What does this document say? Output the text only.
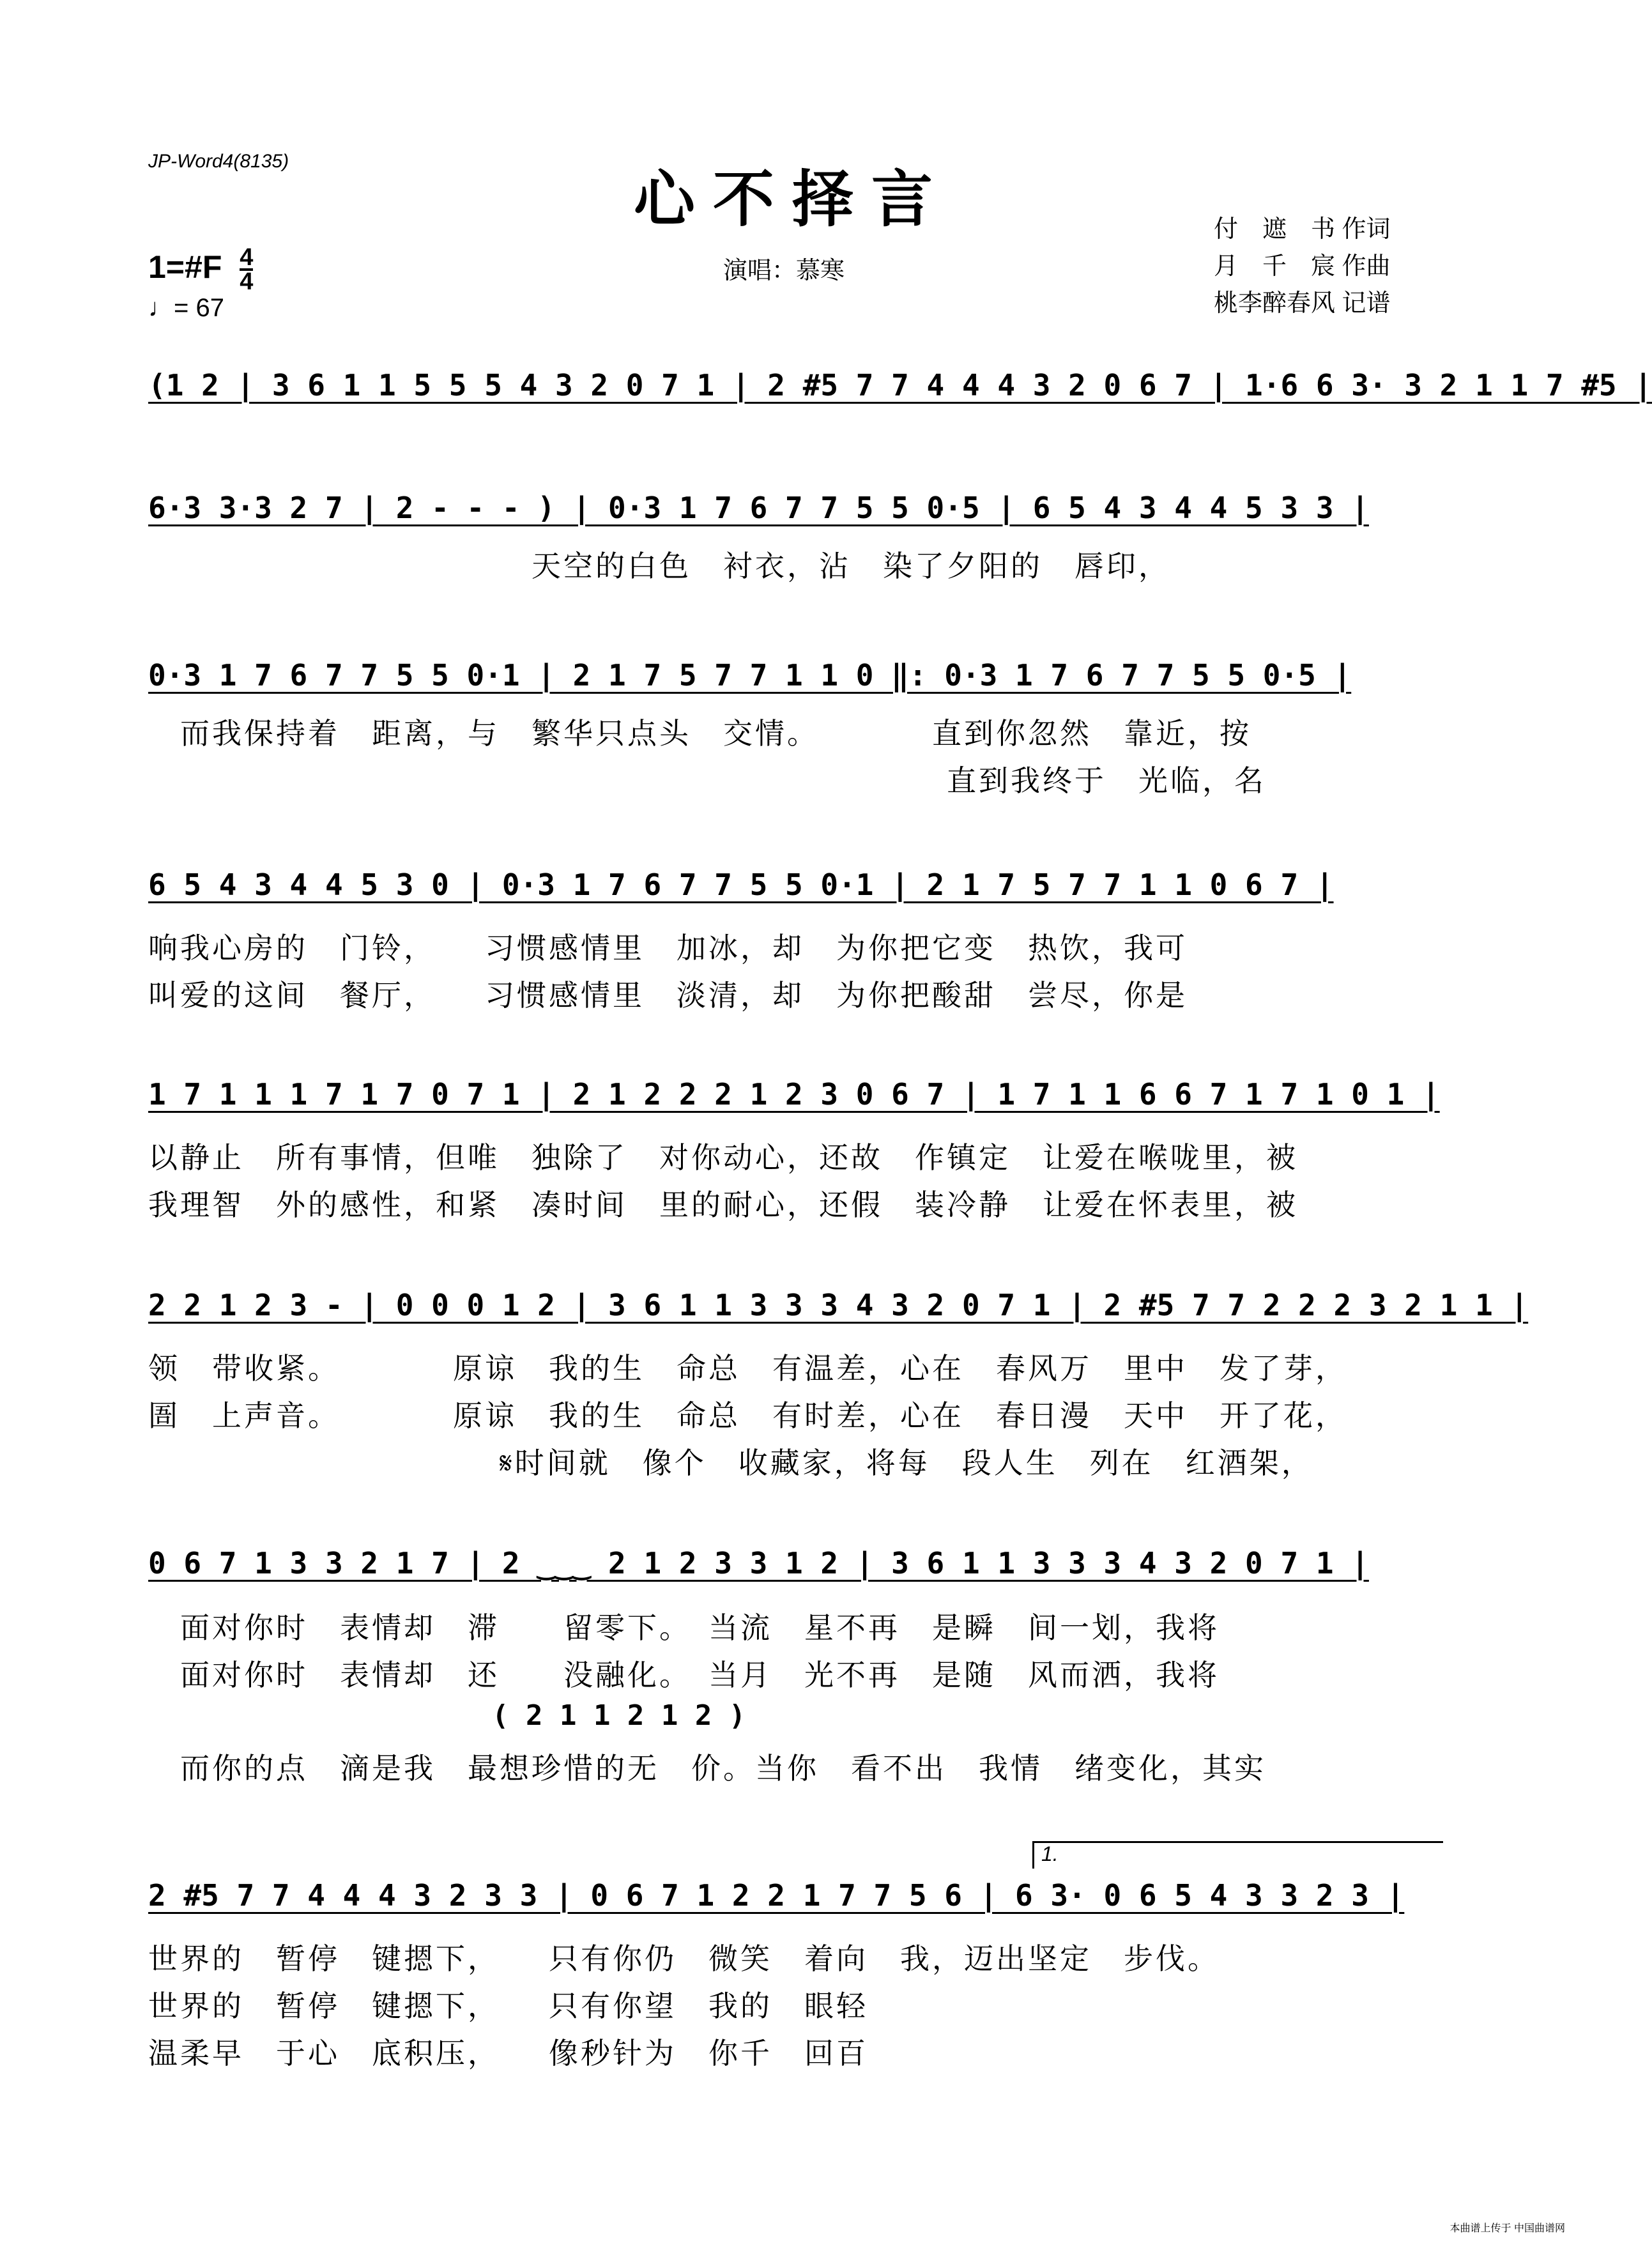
JP-Word4(8135)
心不择言
1=#F $\frac{4}{4}$
♩= 67
演唱：慕寒
付　遮　书 作词
月　千　宸 作曲
桃李醉春风 记谱
(1 2 | 3 6 1 1 5 5 5 4 3 2 0 7 1 | 2 #5 7 7 4 4 4 3 2 0 6 7 | 1·6 6 3· 3 2 1 1 7 #5 |
6·3 3·3 2 7 | 2 - - - ) | 0·3 1 7 6 7 7 5 5 0·5 | 6 5 4 3 4 4 5 3 3 |
　　　　　　　　　　　　天空的白色　衬衣，沾　染了夕阳的　唇印，
0·3 1 7 6 7 7 5 5 0·1 | 2 1 7 5 7 7 1 1 0 ‖: 0·3 1 7 6 7 7 5 5 0·5 |
　而我保持着　距离，与　繁华只点头　交情。　　　　直到你忽然　靠近，按
　　　　　　　　　　　　　　　　　　　　　　　　　直到我终于　光临，名
6 5 4 3 4 4 5 3 0 | 0·3 1 7 6 7 7 5 5 0·1 | 2 1 7 5 7 7 1 1 0 6 7 |
响我心房的　门铃，　　习惯感情里　加冰，却　为你把它变　热饮，我可
叫爱的这间　餐厅，　　习惯感情里　淡清，却　为你把酸甜　尝尽，你是
1 7 1 1 1 7 1 7 0 7 1 | 2 1 2 2 2 1 2 3 0 6 7 | 1 7 1 1 6 6 7 1 7 1 0 1 |
以静止　所有事情，但唯　独除了　对你动心，还故　作镇定　让爱在喉咙里，被
我理智　外的感性，和紧　凑时间　里的耐心，还假　装冷静　让爱在怀表里，被
2 2 1 2 3 - | 0 0 0 1 2 | 3 6 1 1 3 3 3 4 3 2 0 7 1 | 2 #5 7 7 2 2 2 3 2 1 1 |
领　带收紧。　　　　原谅　我的生　命总　有温差，心在　春风万　里中　发了芽，
圄　上声音。　　　　原谅　我的生　命总　有时差，心在　春日漫　天中　开了花，
　　　　　　　　　　　𝄋时间就　像个　收藏家，将每　段人生　列在　红酒架，
0 6 7 1 3 3 2 1 7 | 2 ‿‿‿ 2 1 2 3 3 1 2 | 3 6 1 1 3 3 3 4 3 2 0 7 1 |
　面对你时　表情却　滞　　留零下。　当流　星不再　是瞬　间一划，我将
　面对你时　表情却　还　　没融化。　当月　光不再　是随　风而洒，我将
( 2 1 1 2 1 2 )
　而你的点　滴是我　最想珍惜的无　价。当你　看不出　我情　绪变化，其实
1.
2 #5 7 7 4 4 4 3 2 3 3 | 0 6 7 1 2 2 1 7 7 5 6 | 6 3· 0 6 5 4 3 3 2 3 |
世界的　暂停　键摁下，　　只有你仍　微笑　着向　我，迈出坚定　步伐。
世界的　暂停　键摁下，　　只有你望　我的　眼轻
温柔早　于心　底积压，　　像秒针为　你千　回百
本曲谱上传于 中国曲谱网
